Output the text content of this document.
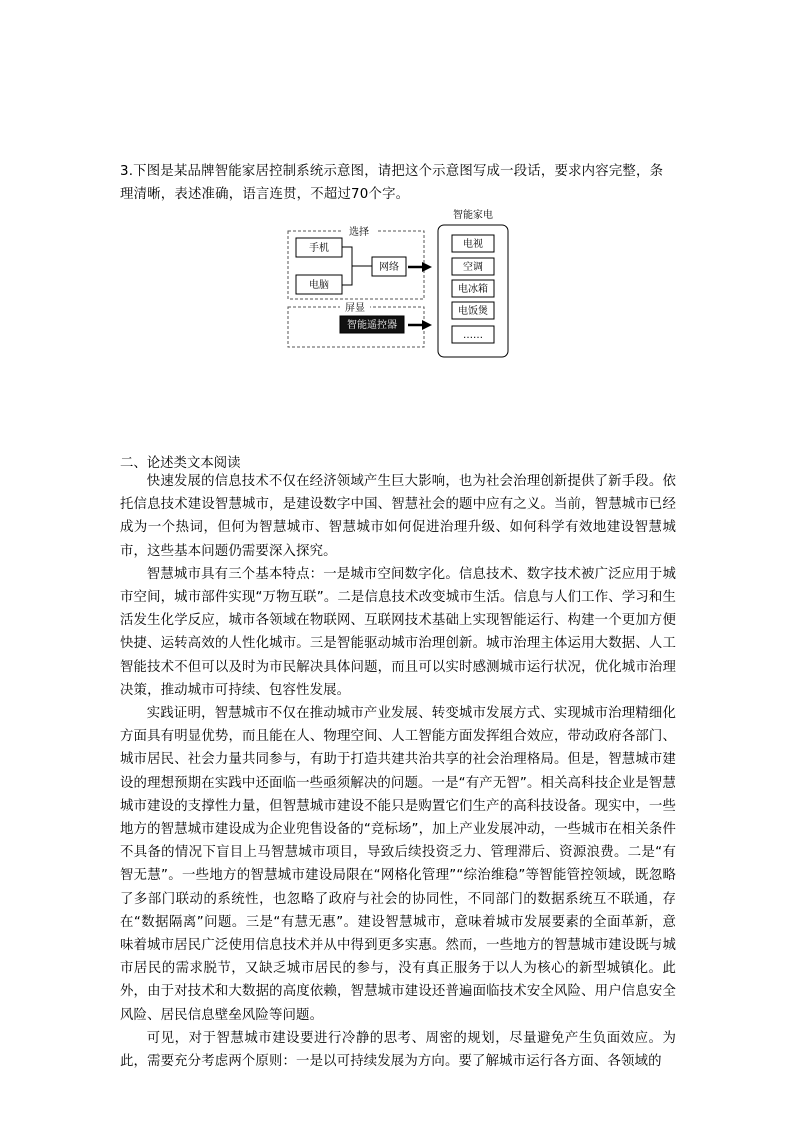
3.下图是某品牌智能家居控制系统示意图，请把这个示意图写成一段话，要求内容完整，条理清晰，表述准确，语言连贯，不超过70个字。
选择
手机
电脑
网络
屏显
智能遥控器
智能家电
电视
空调
电冰箱
电饭煲
……
二、论述类文本阅读

快速发展的信息技术不仅在经济领域产生巨大影响，也为社会治理创新提供了新手段。依托信息技术建设智慧城市，是建设数字中国、智慧社会的题中应有之义。当前，智慧城市已经成为一个热词，但何为智慧城市、智慧城市如何促进治理升级、如何科学有效地建设智慧城市，这些基本问题仍需要深入探究。

智慧城市具有三个基本特点：一是城市空间数字化。信息技术、数字技术被广泛应用于城市空间，城市部件实现“万物互联”。二是信息技术改变城市生活。信息与人们工作、学习和生活发生化学反应，城市各领域在物联网、互联网技术基础上实现智能运行、构建一个更加方便快捷、运转高效的人性化城市。三是智能驱动城市治理创新。城市治理主体运用大数据、人工智能技术不但可以及时为市民解决具体问题，而且可以实时感测城市运行状况，优化城市治理决策，推动城市可持续、包容性发展。

实践证明，智慧城市不仅在推动城市产业发展、转变城市发展方式、实现城市治理精细化方面具有明显优势，而且能在人、物理空间、人工智能方面发挥组合效应，带动政府各部门、城市居民、社会力量共同参与，有助于打造共建共治共享的社会治理格局。但是，智慧城市建设的理想预期在实践中还面临一些亟须解决的问题。一是“有产无智”。相关高科技企业是智慧城市建设的支撑性力量，但智慧城市建设不能只是购置它们生产的高科技设备。现实中，一些地方的智慧城市建设成为企业兜售设备的“竞标场”，加上产业发展冲动，一些城市在相关条件不具备的情况下盲目上马智慧城市项目，导致后续投资乏力、管理滞后、资源浪费。二是“有智无慧”。一些地方的智慧城市建设局限在“网格化管理”“综治维稳”等智能管控领域，既忽略了多部门联动的系统性，也忽略了政府与社会的协同性，不同部门的数据系统互不联通，存在“数据隔离”问题。三是“有慧无惠”。建设智慧城市，意味着城市发展要素的全面革新，意味着城市居民广泛使用信息技术并从中得到更多实惠。然而，一些地方的智慧城市建设既与城市居民的需求脱节，又缺乏城市居民的参与，没有真正服务于以人为核心的新型城镇化。此外，由于对技术和大数据的高度依赖，智慧城市建设还普遍面临技术安全风险、用户信息安全风险、居民信息壁垒风险等问题。

可见，对于智慧城市建设要进行冷静的思考、周密的规划，尽量避免产生负面效应。为此，需要充分考虑两个原则：一是以可持续发展为方向。要了解城市运行各方面、各领域的
